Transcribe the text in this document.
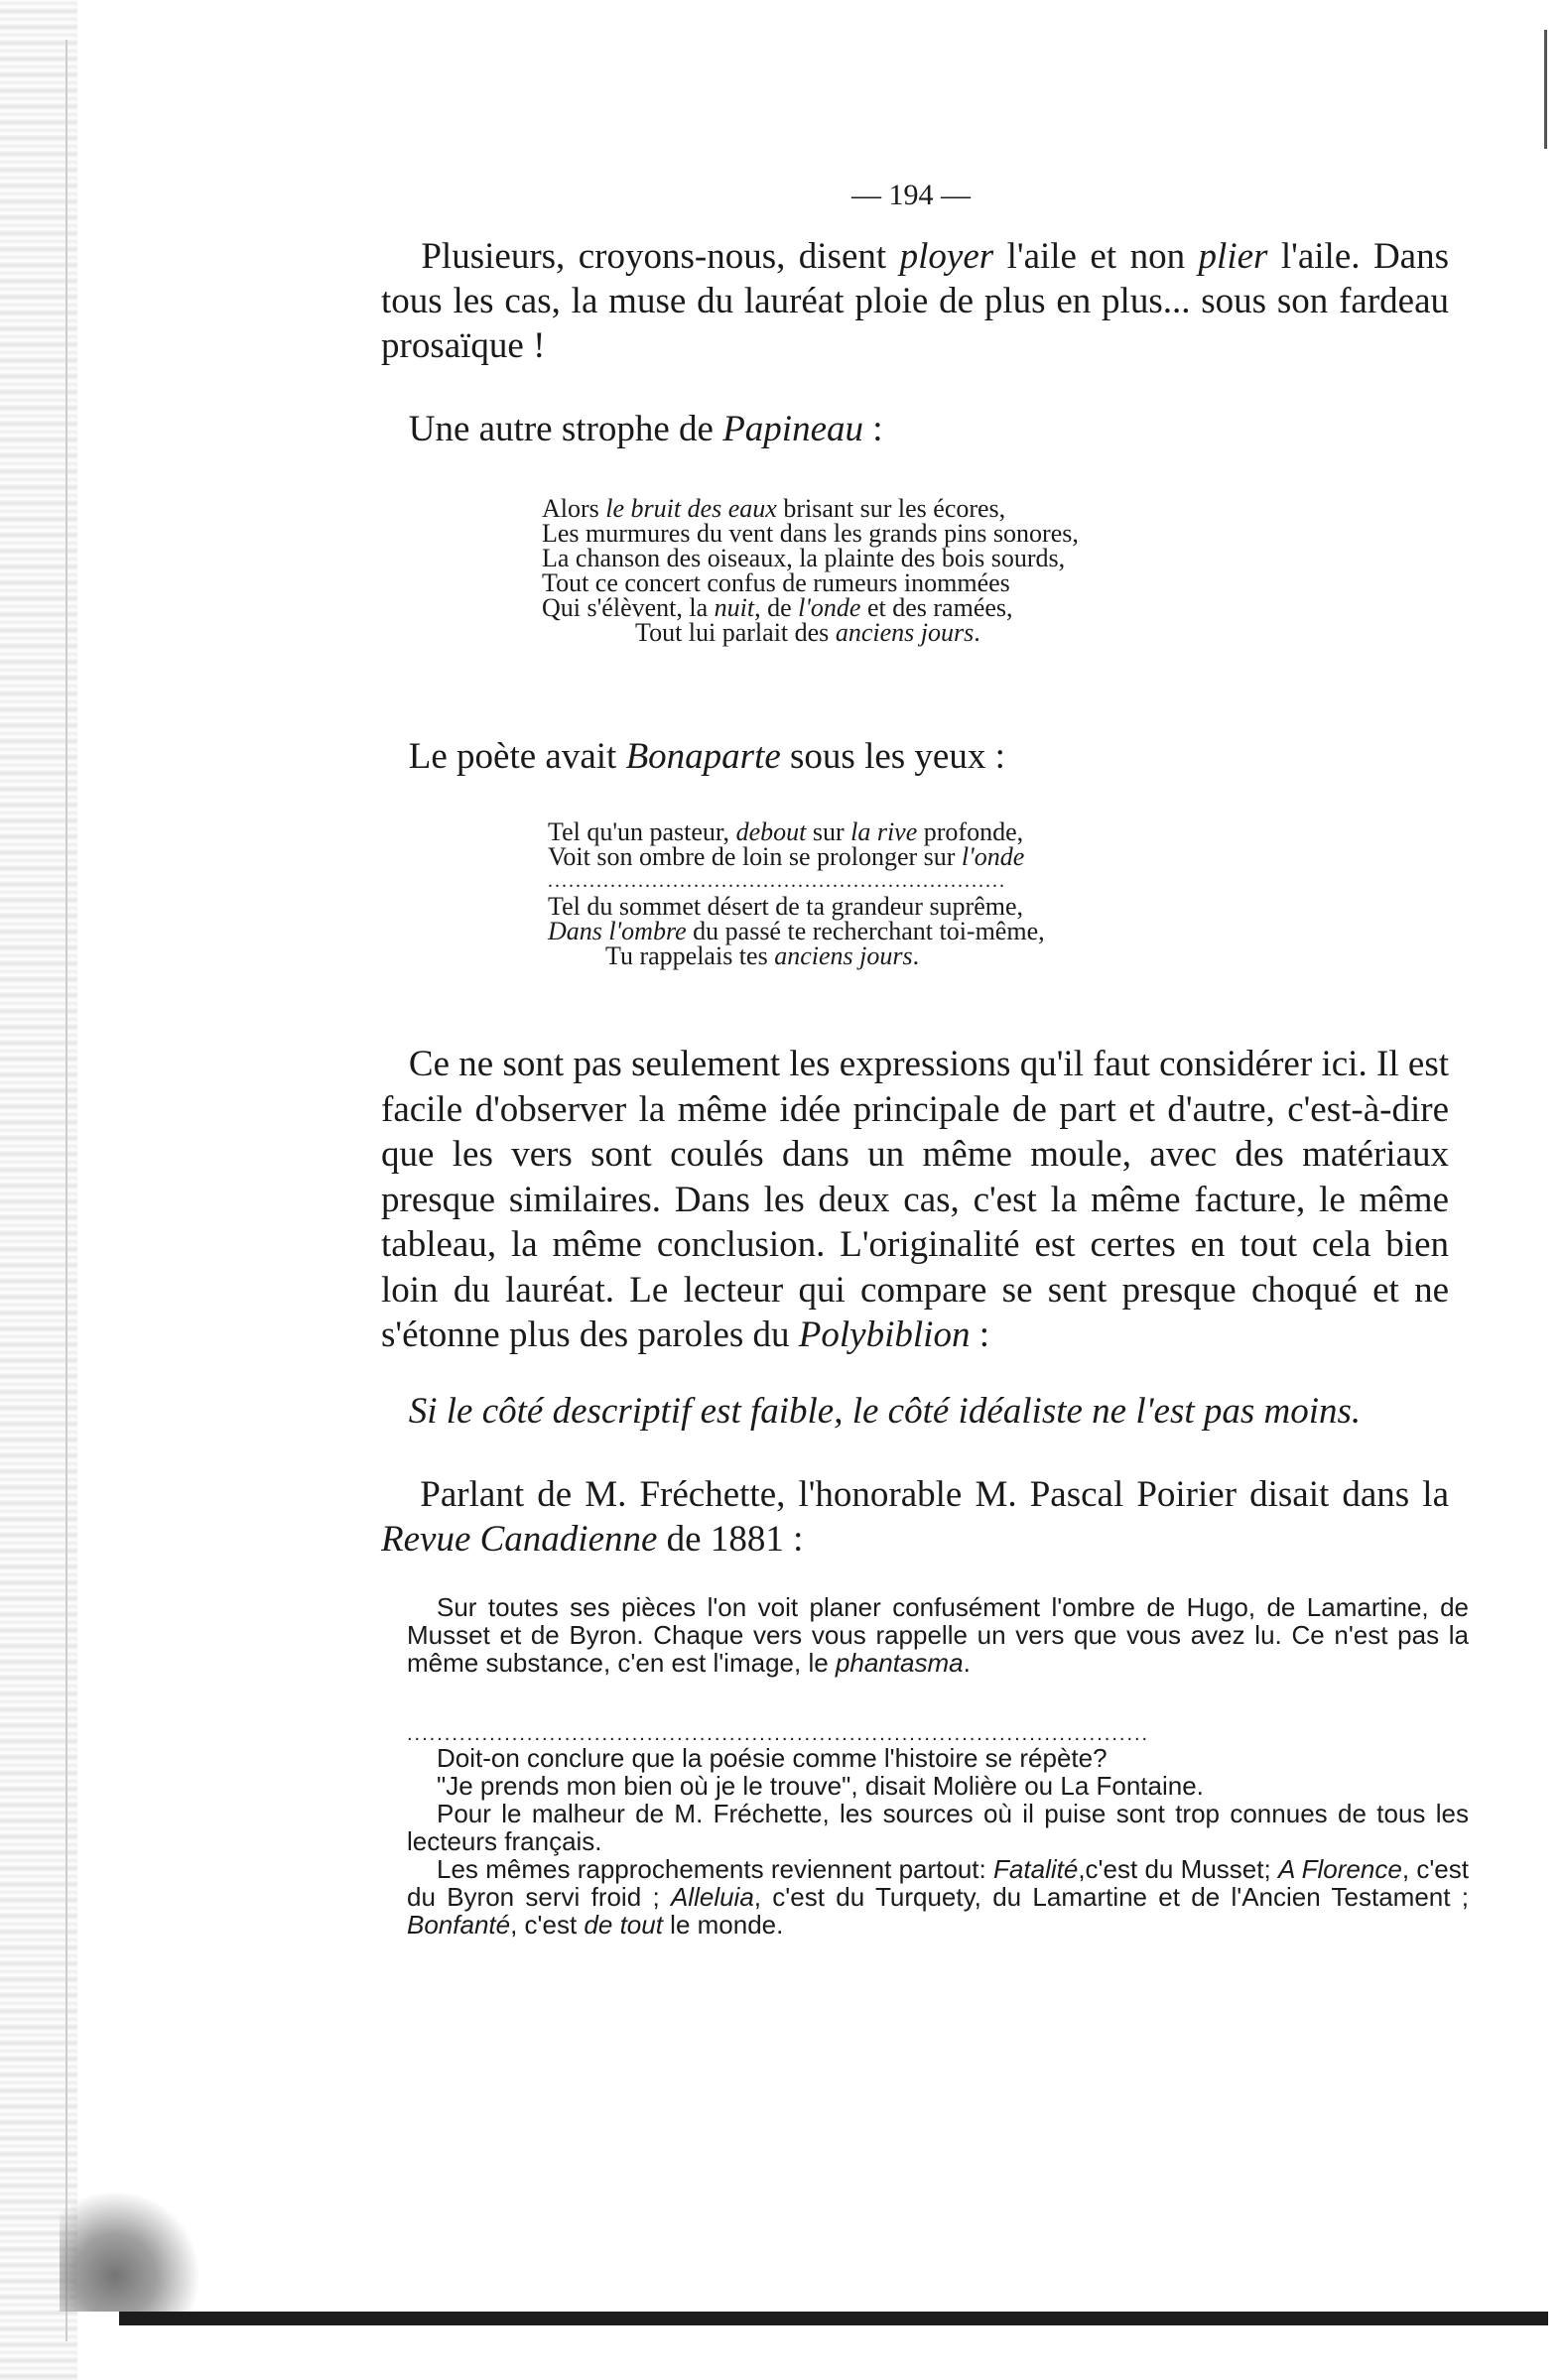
— 194 —

Plusieurs, croyons-nous, disent ployer l'aile et non plier l'aile. Dans tous les cas, la muse du lauréat ploie de plus en plus... sous son fardeau prosaïque !

Une autre strophe de Papineau :

Alors le bruit des eaux brisant sur les écores,
Les murmures du vent dans les grands pins sonores,
La chanson des oiseaux, la plainte des bois sourds,
Tout ce concert confus de rumeurs inommées
Qui s'élèvent, la nuit, de l'onde et des ramées,
Tout lui parlait des anciens jours.

Le poète avait Bonaparte sous les yeux :

Tel qu'un pasteur, debout sur la rive profonde,
Voit son ombre de loin se prolonger sur l'onde
..................................................................
Tel du sommet désert de ta grandeur suprême,
Dans l'ombre du passé te recherchant toi-même,
Tu rappelais tes anciens jours.

Ce ne sont pas seulement les expressions qu'il faut considérer ici. Il est facile d'observer la même idée principale de part et d'autre, c'est-à-dire que les vers sont coulés dans un même moule, avec des matériaux presque similaires. Dans les deux cas, c'est la même facture, le même tableau, la même conclusion. L'originalité est certes en tout cela bien loin du lauréat. Le lecteur qui compare se sent presque choqué et ne s'étonne plus des paroles du Polybiblion :

Si le côté descriptif est faible, le côté idéaliste ne l'est pas moins.

Parlant de M. Fréchette, l'honorable M. Pascal Poirier disait dans la Revue Canadienne de 1881 :

Sur toutes ses pièces l'on voit planer confusément l'ombre de Hugo, de Lamartine, de Musset et de Byron. Chaque vers vous rappelle un vers que vous avez lu. Ce n'est pas la même substance, c'en est l'image, le phantasma.

...................................................................................................

Doit-on conclure que la poésie comme l'histoire se répète?

"Je prends mon bien où je le trouve", disait Molière ou La Fontaine.

Pour le malheur de M. Fréchette, les sources où il puise sont trop connues de tous les lecteurs français.

Les mêmes rapprochements reviennent partout: Fatalité,c'est du Musset; A Florence, c'est du Byron servi froid ; Alleluia, c'est du Turquety, du Lamartine et de l'Ancien Testament ; Bonfanté, c'est de tout le monde.
